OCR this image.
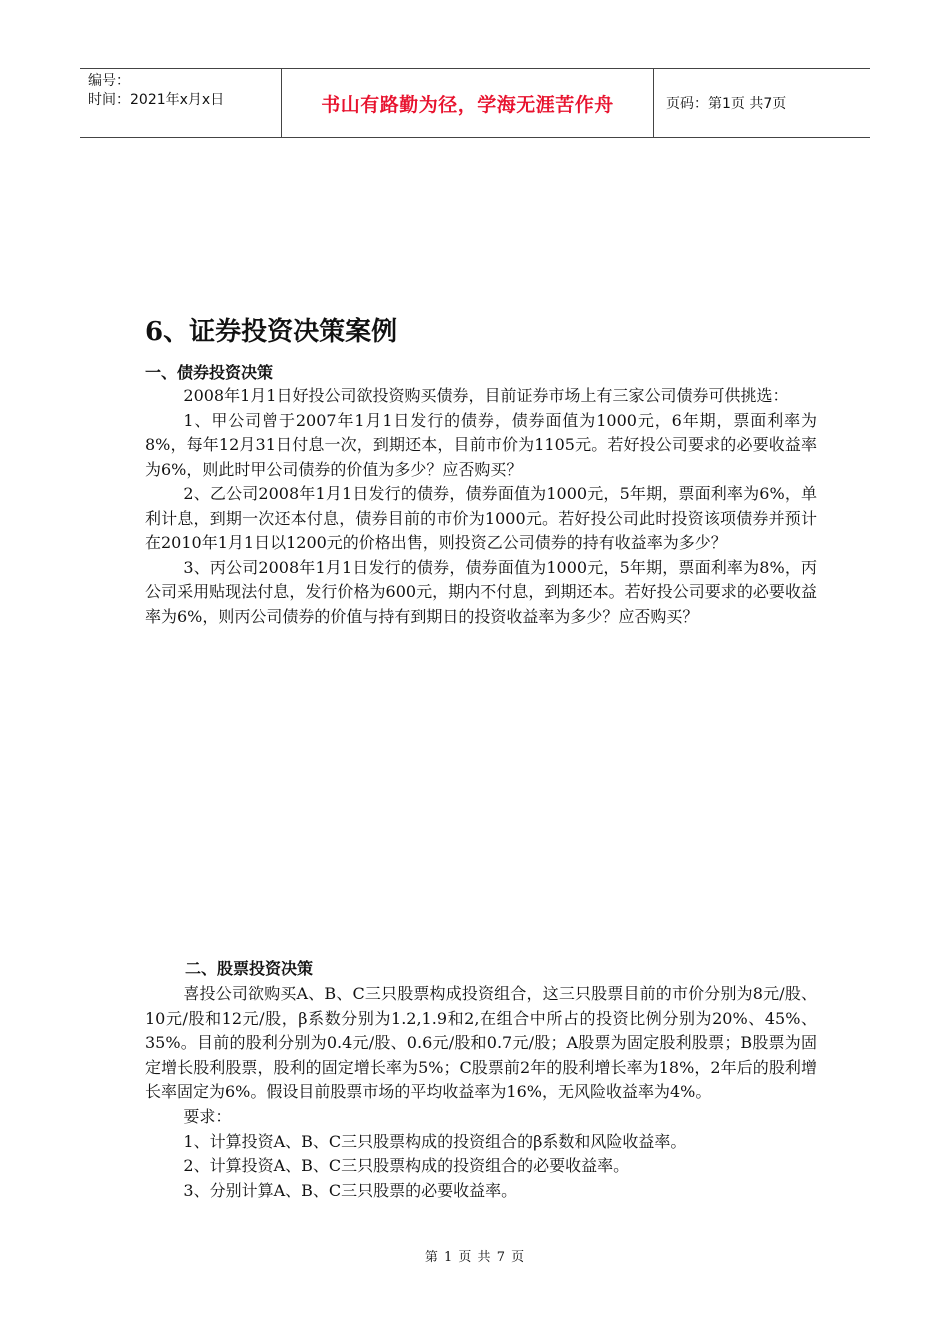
编号：
时间：2021年x月x日	书山有路勤为径，学海无涯苦作舟	页码：第1页 共7页
6、证券投资决策案例
一、债券投资决策

2008年1月1日好投公司欲投资购买债券，目前证券市场上有三家公司债券可供挑选：

1、甲公司曾于2007年1月1日发行的债券，债券面值为1000元，6年期，票面利率为8%，每年12月31日付息一次，到期还本，目前市价为1105元。若好投公司要求的必要收益率为6%，则此时甲公司债券的价值为多少？应否购买？

2、乙公司2008年1月1日发行的债券，债券面值为1000元，5年期，票面利率为6%，单利计息，到期一次还本付息，债券目前的市价为1000元。若好投公司此时投资该项债券并预计在2010年1月1日以1200元的价格出售，则投资乙公司债券的持有收益率为多少？

3、丙公司2008年1月1日发行的债券，债券面值为1000元，5年期，票面利率为8%，丙公司采用贴现法付息，发行价格为600元，期内不付息，到期还本。若好投公司要求的必要收益率为6%，则丙公司债券的价值与持有到期日的投资收益率为多少？应否购买？

二、股票投资决策

喜投公司欲购买A、B、C三只股票构成投资组合，这三只股票目前的市价分别为8元/股、10元/股和12元/股，β系数分别为1.2,1.9和2,在组合中所占的投资比例分别为20%、45%、35%。目前的股利分别为0.4元/股、0.6元/股和0.7元/股；A股票为固定股利股票；B股票为固定增长股利股票，股利的固定增长率为5%；C股票前2年的股利增长率为18%，2年后的股利增长率固定为6%。假设目前股票市场的平均收益率为16%，无风险收益率为4%。

要求：

1、计算投资A、B、C三只股票构成的投资组合的β系数和风险收益率。

2、计算投资A、B、C三只股票构成的投资组合的必要收益率。

3、分别计算A、B、C三只股票的必要收益率。

第 1 页 共 7 页
